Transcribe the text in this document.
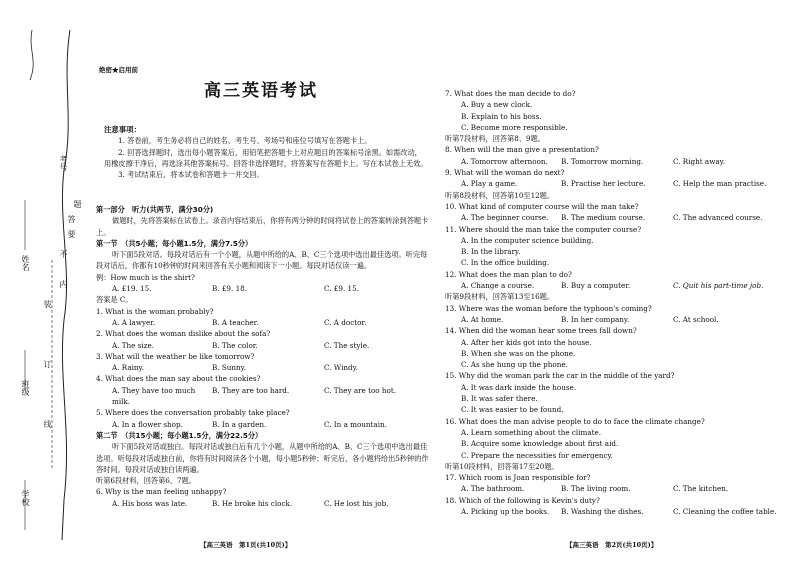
班级
姓名
考号
学校
装
订
线
内
不
要
答
题
绝密★启用前
高三英语考试
注意事项：

1. 答卷前，考生务必将自己的姓名、考生号、考场号和座位号填写在答题卡上。

2. 回答选择题时，选出每小题答案后，用铅笔把答题卡上对应题目的答案标号涂黑。如需改动，用橡皮擦干净后，再选涂其他答案标号。回答非选择题时，将答案写在答题卡上。写在本试卷上无效。

3. 考试结束后，将本试卷和答题卡一并交回。

第一部分　听力(共两节，满分30分)
做题时，先将答案标在试卷上。录音内容结束后，你将有两分钟的时间将试卷上的答案转涂到答题卡上。
第一节　（共5小题；每小题1.5分，满分7.5分）
听下面5段对话。每段对话后有一个小题，从题中所给的A、B、C三个选项中选出最佳选项。听完每段对话后，你都有10秒钟的时间来回答有关小题和阅读下一小题。每段对话仅读一遍。
例：How much is the shirt?
A. £19. 15.	B. £9. 18.	C. £9. 15.
答案是 C。
1. What is the woman probably?
A. A lawyer.	B. A teacher.	C. A doctor.
2. What does the woman dislike about the sofa?
A. The size.	B. The color.	C. The style.
3. What will the weather be like tomorrow?
A. Rainy.	B. Sunny.	C. Windy.
4. What does the man say about the cookies?
A. They have too much milk.
B. They are too hard.	C. They are too hot.
5. Where does the conversation probably take place?
A. In a flower shop.	B. In a garden.	C. In a mountain.
第二节　（共15小题；每小题1.5分，满分22.5分）
听下面5段对话或独白。每段对话或独白后有几个小题，从题中所给的A、B、C三个选项中选出最佳选项。听每段对话或独白前，你将有时间阅读各个小题，每小题5秒钟；听完后，各小题将给出5秒钟的作答时间。每段对话或独白读两遍。
听第6段材料，回答第6、7题。
6. Why is the man feeling unhappy?
A. His boss was late.	B. He broke his clock.	C. He lost his job.
【高三英语　第1页(共10页)】
7. What does the man decide to do?
A. Buy a new clock.
B. Explain to his boss.
C. Become more responsible.
听第7段材料，回答第8、9题。
8. When will the man give a presentation?
A. Tomorrow afternoon.	B. Tomorrow morning.	C. Right away.
9. What will the woman do next?
A. Play a game.	B. Practise her lecture.	C. Help the man practise.
听第8段材料，回答第10至12题。
10. What kind of computer course will the man take?
A. The beginner course.	B. The medium course.	C. The advanced course.
11. Where should the man take the computer course?
A. In the computer science building.
B. In the library.
C. In the office building.
12. What does the man plan to do?
A. Change a course.	B. Buy a computer.	C. Quit his part-time job.
听第9段材料，回答第13至16题。
13. Where was the woman before the typhoon's coming?
A. At home.	B. In her company.	C. At school.
14. When did the woman hear some trees fall down?
A. After her kids got into the house.
B. When she was on the phone.
C. As she hung up the phone.
15. Why did the woman park the car in the middle of the yard?
A. It was dark inside the house.
B. It was safer there.
C. It was easier to be found.
16. What does the man advise people to do to face the climate change?
A. Learn something about the climate.
B. Acquire some knowledge about first aid.
C. Prepare the necessities for emergency.
听第10段材料，回答第17至20题。
17. Which room is Joan responsible for?
A. The bathroom.	B. The living room.	C. The kitchen.
18. Which of the following is Kevin's duty?
A. Picking up the books.	B. Washing the dishes.	C. Cleaning the coffee table.
【高三英语　第2页(共10页)】
